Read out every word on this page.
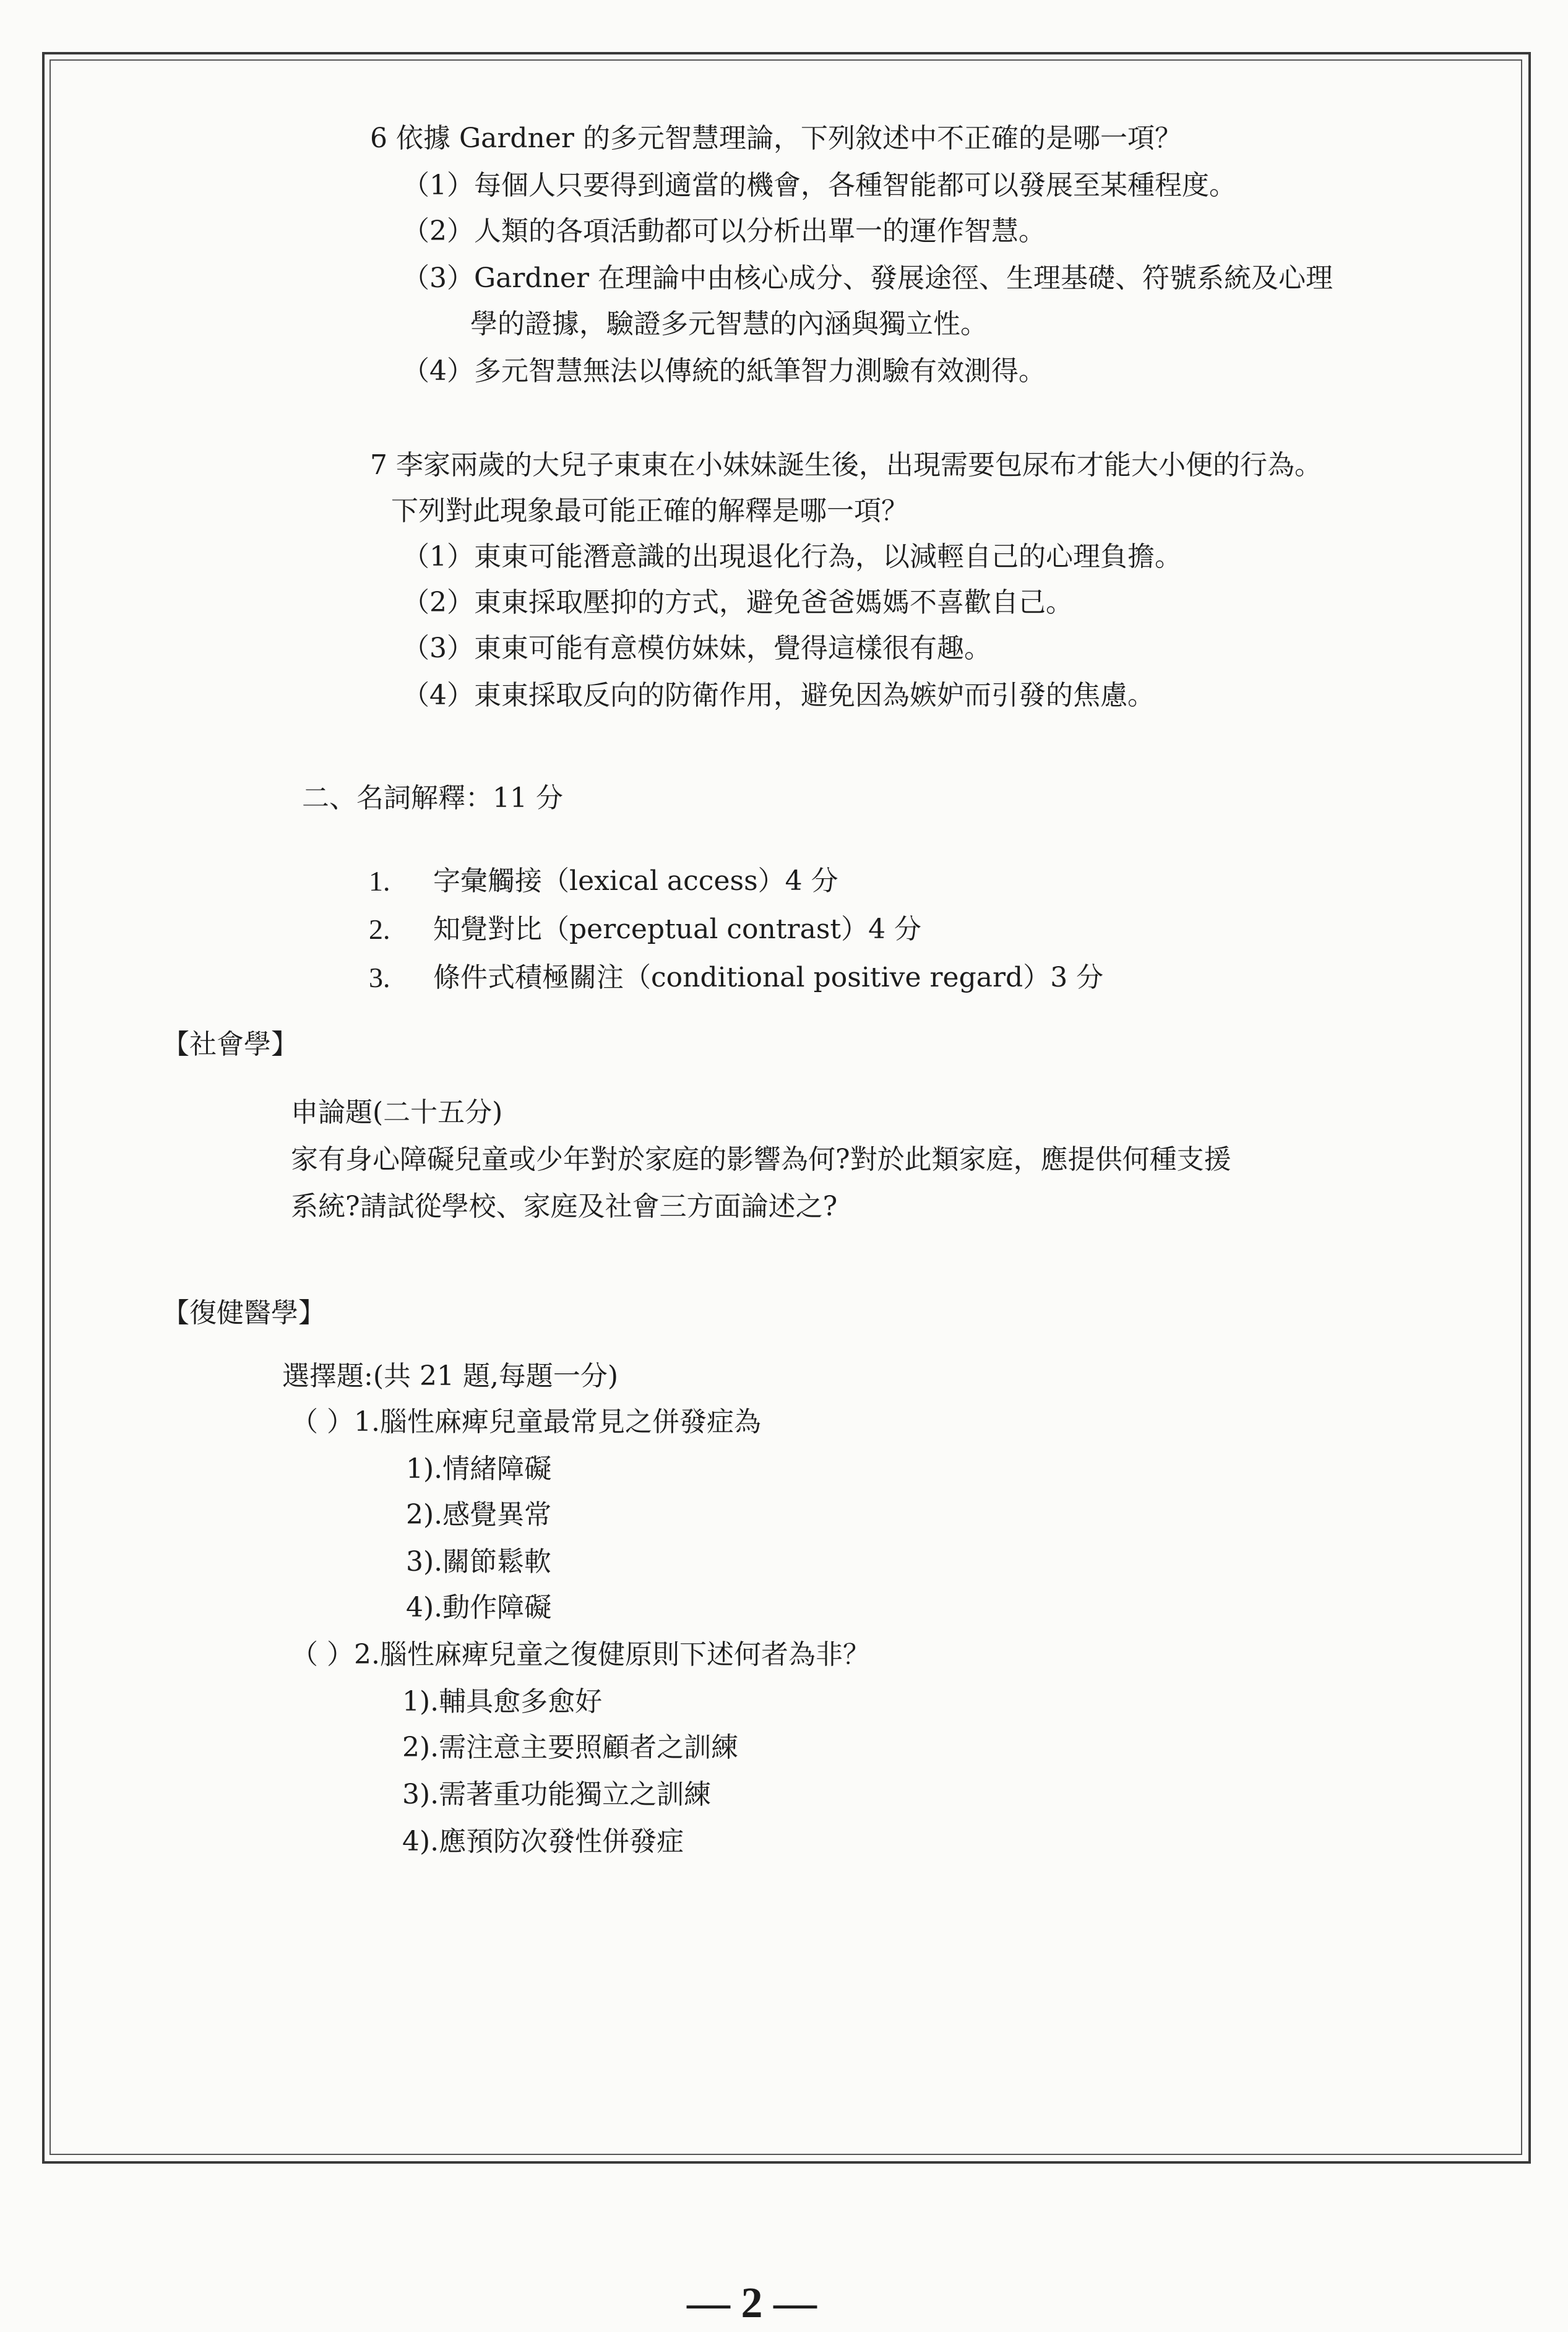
6 依據 Gardner 的多元智慧理論，下列敘述中不正確的是哪一項？
（1）每個人只要得到適當的機會，各種智能都可以發展至某種程度。
（2）人類的各項活動都可以分析出單一的運作智慧。
（3）Gardner 在理論中由核心成分、發展途徑、生理基礎、符號系統及心理
學的證據，驗證多元智慧的內涵與獨立性。
（4）多元智慧無法以傳統的紙筆智力測驗有效測得。
7 李家兩歲的大兒子東東在小妹妹誕生後，出現需要包尿布才能大小便的行為。
下列對此現象最可能正確的解釋是哪一項？
（1）東東可能潛意識的出現退化行為，以減輕自己的心理負擔。
（2）東東採取壓抑的方式，避免爸爸媽媽不喜歡自己。
（3）東東可能有意模仿妹妹，覺得這樣很有趣。
（4）東東採取反向的防衛作用，避免因為嫉妒而引發的焦慮。
二、名詞解釋：11 分
1. 字彙觸接（lexical access）4 分
2. 知覺對比（perceptual contrast）4 分
3. 條件式積極關注（conditional positive regard）3 分
【社會學】
申論題(二十五分)
家有身心障礙兒童或少年對於家庭的影響為何?對於此類家庭，應提供何種支援
系統?請試從學校、家庭及社會三方面論述之?
【復健醫學】
選擇題:(共 21 題,每題一分)
（ ）1.腦性麻痺兒童最常見之併發症為
1).情緒障礙
2).感覺異常
3).關節鬆軟
4).動作障礙
（ ）2.腦性麻痺兒童之復健原則下述何者為非？
1).輔具愈多愈好
2).需注意主要照顧者之訓練
3).需著重功能獨立之訓練
4).應預防次發性併發症
— 2 —
